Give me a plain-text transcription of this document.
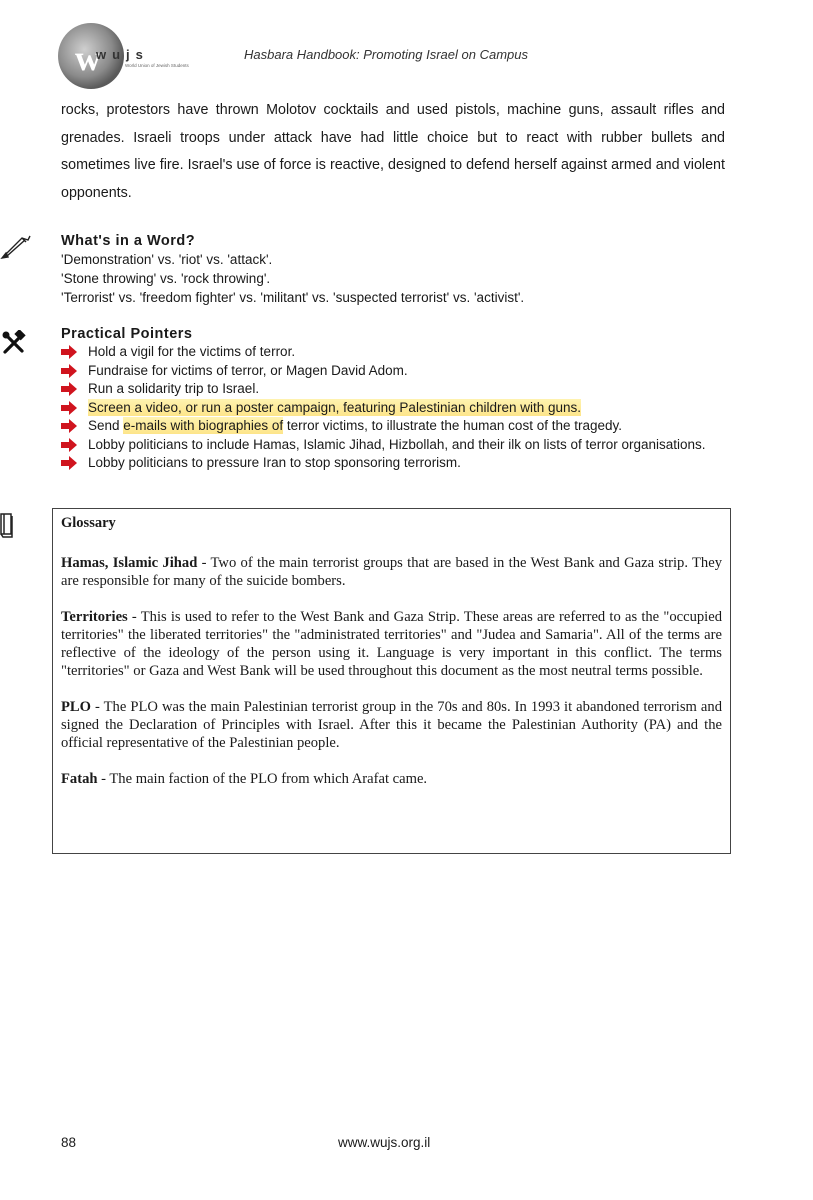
w
wujs
World Union of Jewish Students
Hasbara Handbook: Promoting Israel on Campus

rocks, protestors have thrown Molotov cocktails and used pistols, machine guns, assault rifles and grenades. Israeli troops under attack have had little choice but to react with rubber bullets and sometimes live fire. Israel's use of force is reactive, designed to defend herself against armed and violent opponents.

What's in a Word?
'Demonstration' vs. 'riot' vs. 'attack'.
'Stone throwing' vs. 'rock throwing'.
'Terrorist' vs. 'freedom fighter' vs. 'militant' vs. 'suspected terrorist' vs. 'activist'.
Practical Pointers
Hold a vigil for the victims of terror.
Fundraise for victims of terror, or Magen David Adom.
Run a solidarity trip to Israel.
Screen a video, or run a poster campaign, featuring Palestinian children with guns.
Send e-mails with biographies of terror victims, to illustrate the human cost of the tragedy.
Lobby politicians to include Hamas, Islamic Jihad, Hizbollah, and their ilk on lists of terror organisations.
Lobby politicians to pressure Iran to stop sponsoring terrorism.
Glossary

Hamas, Islamic Jihad - Two of the main terrorist groups that are based in the West Bank and Gaza strip. They are responsible for many of the suicide bombers.

Territories - This is used to refer to the West Bank and Gaza Strip. These areas are referred to as the "occupied territories" the liberated territories" the "administrated territories" and "Judea and Samaria". All of the terms are reflective of the ideology of the person using it. Language is very important in this conflict. The terms "territories" or Gaza and West Bank will be used throughout this document as the most neutral terms possible.

PLO - The PLO was the main Palestinian terrorist group in the 70s and 80s. In 1993 it abandoned terrorism and signed the Declaration of Principles with Israel. After this it became the Palestinian Authority (PA) and the official representative of the Palestinian people.

Fatah - The main faction of the PLO from which Arafat came.

88	www.wujs.org.il
